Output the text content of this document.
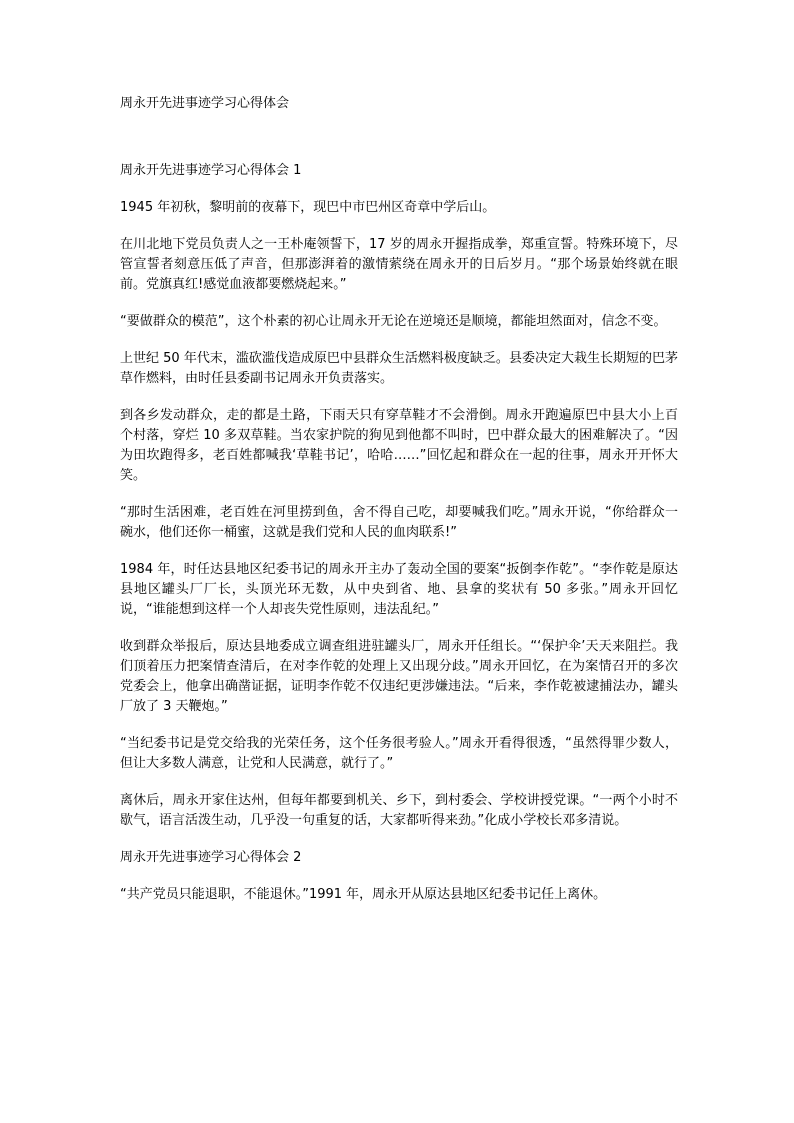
周永开先进事迹学习心得体会
周永开先进事迹学习心得体会 1

1945 年初秋，黎明前的夜幕下，现巴中市巴州区奇章中学后山。

在川北地下党员负责人之一王朴庵领誓下，17 岁的周永开握指成拳，郑重宣誓。特殊环境下，尽管宣誓者刻意压低了声音，但那澎湃着的激情萦绕在周永开的日后岁月。“那个场景始终就在眼前。党旗真红!感觉血液都要燃烧起来。”

“要做群众的模范”，这个朴素的初心让周永开无论在逆境还是顺境，都能坦然面对，信念不变。

上世纪 50 年代末，滥砍滥伐造成原巴中县群众生活燃料极度缺乏。县委决定大栽生长期短的巴茅草作燃料，由时任县委副书记周永开负责落实。

到各乡发动群众，走的都是土路，下雨天只有穿草鞋才不会滑倒。周永开跑遍原巴中县大小上百个村落，穿烂 10 多双草鞋。当农家护院的狗见到他都不叫时，巴中群众最大的困难解决了。“因为田坎跑得多，老百姓都喊我‘草鞋书记’，哈哈……”回忆起和群众在一起的往事，周永开开怀大笑。

“那时生活困难，老百姓在河里捞到鱼，舍不得自己吃，却要喊我们吃。”周永开说，“你给群众一碗水，他们还你一桶蜜，这就是我们党和人民的血肉联系!”

1984 年，时任达县地区纪委书记的周永开主办了轰动全国的要案“扳倒李作乾”。“李作乾是原达县地区罐头厂厂长，头顶光环无数，从中央到省、地、县拿的奖状有 50 多张。”周永开回忆说，“谁能想到这样一个人却丧失党性原则，违法乱纪。”

收到群众举报后，原达县地委成立调查组进驻罐头厂，周永开任组长。“‘保护伞’天天来阻拦。我们顶着压力把案情查清后，在对李作乾的处理上又出现分歧。”周永开回忆，在为案情召开的多次党委会上，他拿出确凿证据，证明李作乾不仅违纪更涉嫌违法。“后来，李作乾被逮捕法办，罐头厂放了 3 天鞭炮。”

“当纪委书记是党交给我的光荣任务，这个任务很考验人。”周永开看得很透，“虽然得罪少数人，但让大多数人满意，让党和人民满意，就行了。”

离休后，周永开家住达州，但每年都要到机关、乡下，到村委会、学校讲授党课。“一两个小时不歇气，语言活泼生动，几乎没一句重复的话，大家都听得来劲。”化成小学校长邓多清说。

周永开先进事迹学习心得体会 2

“共产党员只能退职，不能退休。”1991 年，周永开从原达县地区纪委书记任上离休。
